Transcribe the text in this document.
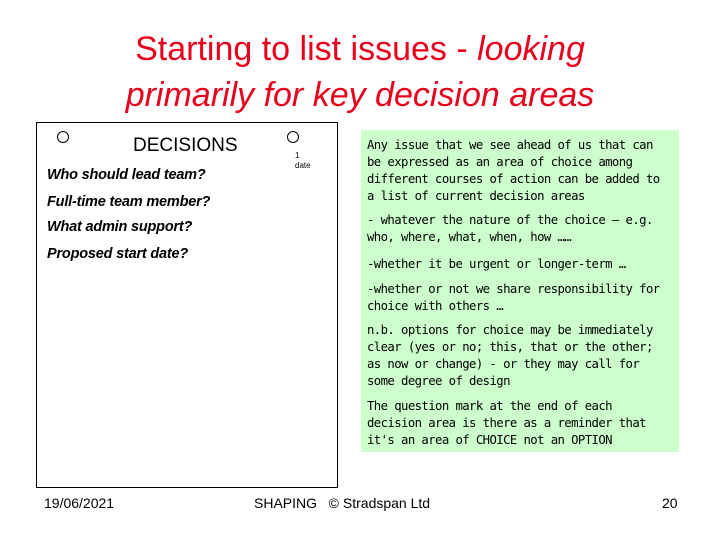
Starting to list issues - looking
primarily for key decision areas
DECISIONS	1
date
Who should lead team?
Full-time team member?
What admin support?
Proposed start date?

Any issue that we see ahead of us that can be expressed as an area of choice among different courses of action can be added to a list of current decision areas

- whatever the nature of the choice – e.g. who, where, what, when, how ……

-whether it be urgent or longer-term …

-whether or not we share responsibility for choice with others …

n.b. options for choice may be immediately clear (yes or no; this, that or the other; as now or change) - or they may call for some degree of design

The question mark at the end of each decision area is there as a reminder that it's an area of CHOICE not an OPTION

19/06/2021	SHAPING   © Stradspan Ltd	20
